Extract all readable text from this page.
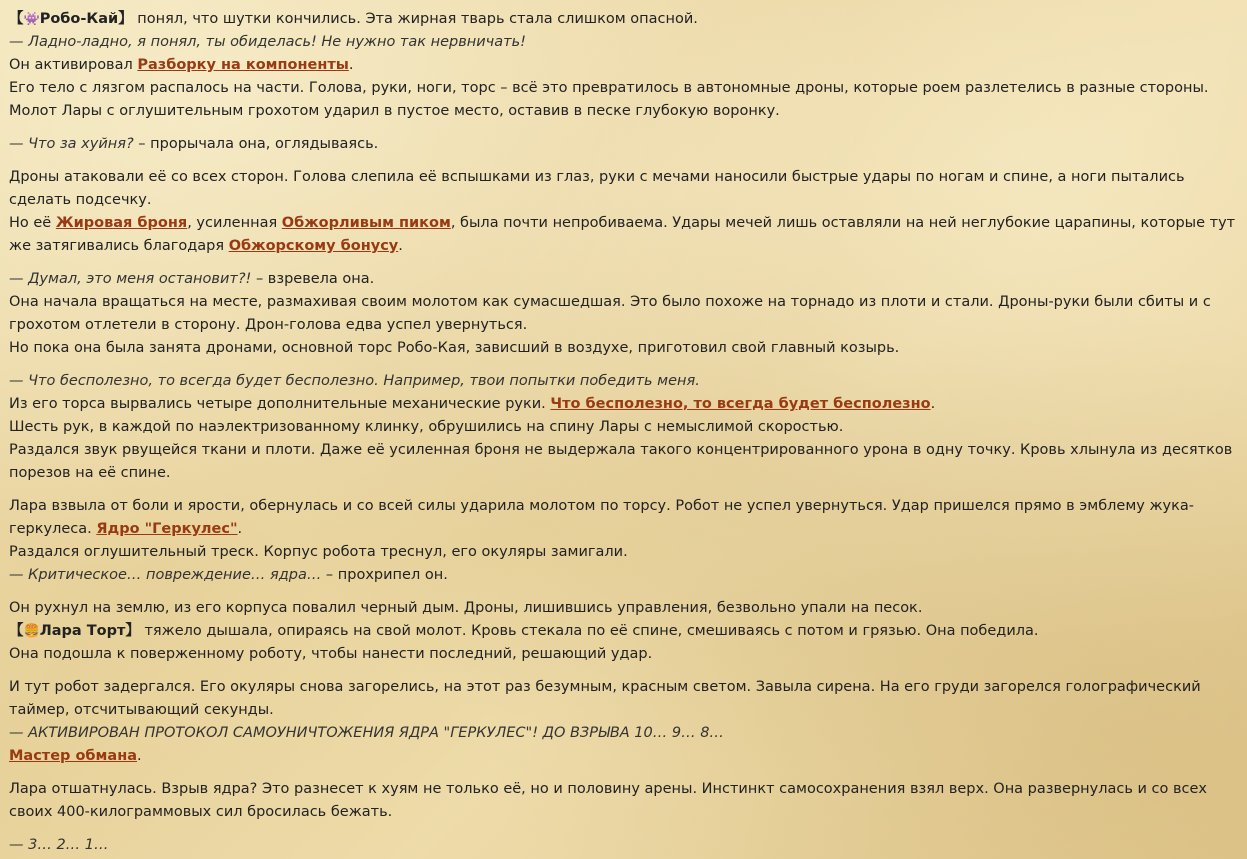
【👾Робо-Кай】 понял, что шутки кончились. Эта жирная тварь стала слишком опасной.
— Ладно-ладно, я понял, ты обиделась! Не нужно так нервничать!
Он активировал Разборку на компоненты.
Его тело с лязгом распалось на части. Голова, руки, ноги, торс – всё это превратилось в автономные дроны, которые роем разлетелись в разные стороны.
Молот Лары с оглушительным грохотом ударил в пустое место, оставив в песке глубокую воронку.
— Что за хуйня? – прорычала она, оглядываясь.
Дроны атаковали её со всех сторон. Голова слепила её вспышками из глаз, руки с мечами наносили быстрые удары по ногам и спине, а ноги пытались сделать подсечку.
Но её Жировая броня, усиленная Обжорливым пиком, была почти непробиваема. Удары мечей лишь оставляли на ней неглубокие царапины, которые тут же затягивались благодаря Обжорскому бонусу.
— Думал, это меня остановит?! – взревела она.
Она начала вращаться на месте, размахивая своим молотом как сумасшедшая. Это было похоже на торнадо из плоти и стали. Дроны-руки были сбиты и с грохотом отлетели в сторону. Дрон-голова едва успел увернуться.
Но пока она была занята дронами, основной торс Робо-Кая, зависший в воздухе, приготовил свой главный козырь.
— Что бесполезно, то всегда будет бесполезно. Например, твои попытки победить меня.
Из его торса вырвались четыре дополнительные механические руки. Что бесполезно, то всегда будет бесполезно.
Шесть рук, в каждой по наэлектризованному клинку, обрушились на спину Лары с немыслимой скоростью.
Раздался звук рвущейся ткани и плоти. Даже её усиленная броня не выдержала такого концентрированного урона в одну точку. Кровь хлынула из десятков порезов на её спине.
Лара взвыла от боли и ярости, обернулась и со всей силы ударила молотом по торсу. Робот не успел увернуться. Удар пришелся прямо в эмблему жука-геркулеса. Ядро "Геркулес".
Раздался оглушительный треск. Корпус робота треснул, его окуляры замигали.
— Критическое… повреждение… ядра… – прохрипел он.
Он рухнул на землю, из его корпуса повалил черный дым. Дроны, лишившись управления, безвольно упали на песок.
【🍔Лара Торт】 тяжело дышала, опираясь на свой молот. Кровь стекала по её спине, смешиваясь с потом и грязью. Она победила.
Она подошла к поверженному роботу, чтобы нанести последний, решающий удар.
И тут робот задергался. Его окуляры снова загорелись, на этот раз безумным, красным светом. Завыла сирена. На его груди загорелся голографический таймер, отсчитывающий секунды.
— АКТИВИРОВАН ПРОТОКОЛ САМОУНИЧТОЖЕНИЯ ЯДРА "ГЕРКУЛЕС"! ДО ВЗРЫВА 10… 9… 8…
Мастер обмана.
Лара отшатнулась. Взрыв ядра? Это разнесет к хуям не только её, но и половину арены. Инстинкт самосохранения взял верх. Она развернулась и со всех своих 400-килограммовых сил бросилась бежать.
— 3… 2… 1…
